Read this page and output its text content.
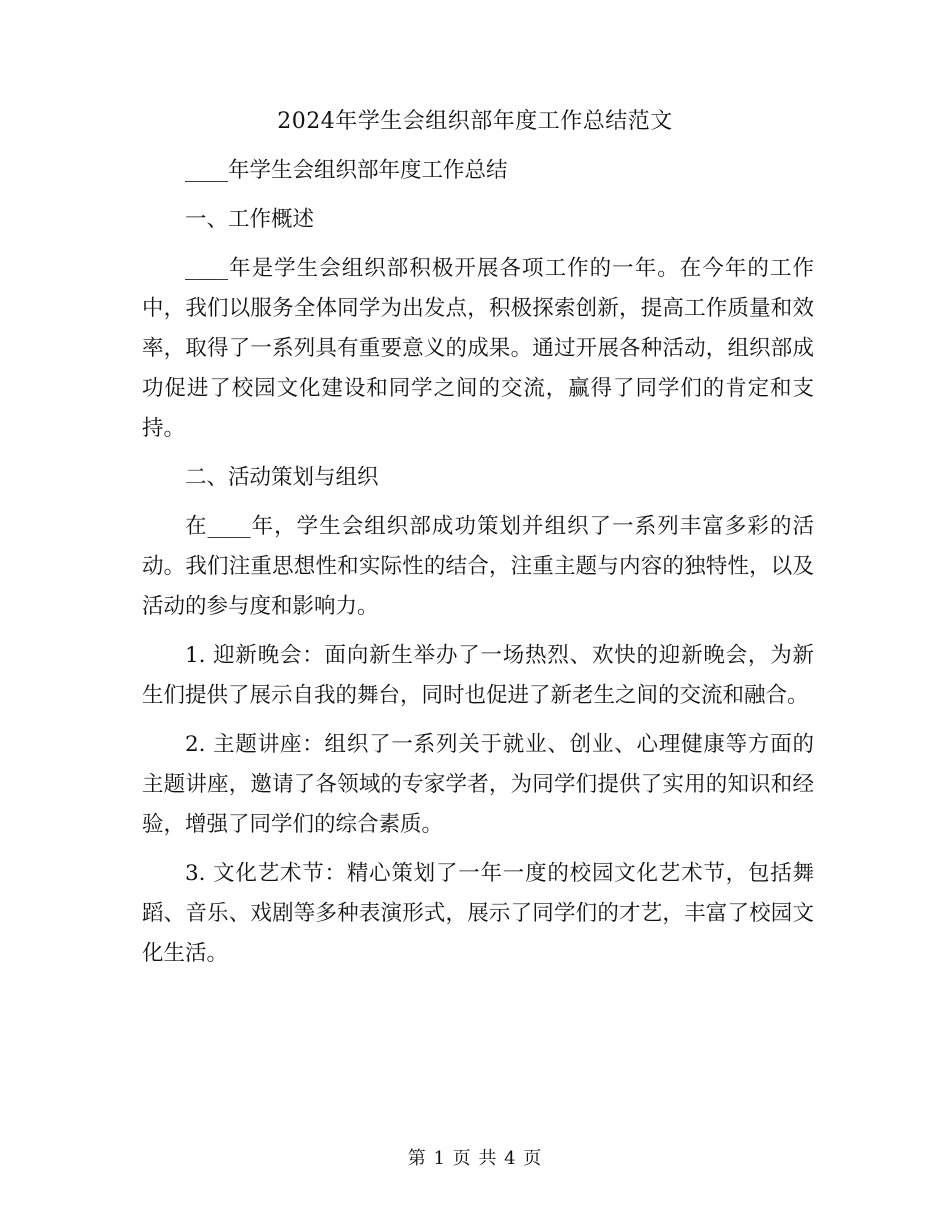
2024年学生会组织部年度工作总结范文

____年学生会组织部年度工作总结

一、工作概述

____年是学生会组织部积极开展各项工作的一年。在今年的工作中，我们以服务全体同学为出发点，积极探索创新，提高工作质量和效率，取得了一系列具有重要意义的成果。通过开展各种活动，组织部成功促进了校园文化建设和同学之间的交流，赢得了同学们的肯定和支持。

二、活动策划与组织

在____年，学生会组织部成功策划并组织了一系列丰富多彩的活动。我们注重思想性和实际性的结合，注重主题与内容的独特性，以及活动的参与度和影响力。

1. 迎新晚会：面向新生举办了一场热烈、欢快的迎新晚会，为新生们提供了展示自我的舞台，同时也促进了新老生之间的交流和融合。

2. 主题讲座：组织了一系列关于就业、创业、心理健康等方面的主题讲座，邀请了各领域的专家学者，为同学们提供了实用的知识和经验，增强了同学们的综合素质。

3. 文化艺术节：精心策划了一年一度的校园文化艺术节，包括舞蹈、音乐、戏剧等多种表演形式，展示了同学们的才艺，丰富了校园文化生活。

第 1 页 共 4 页
